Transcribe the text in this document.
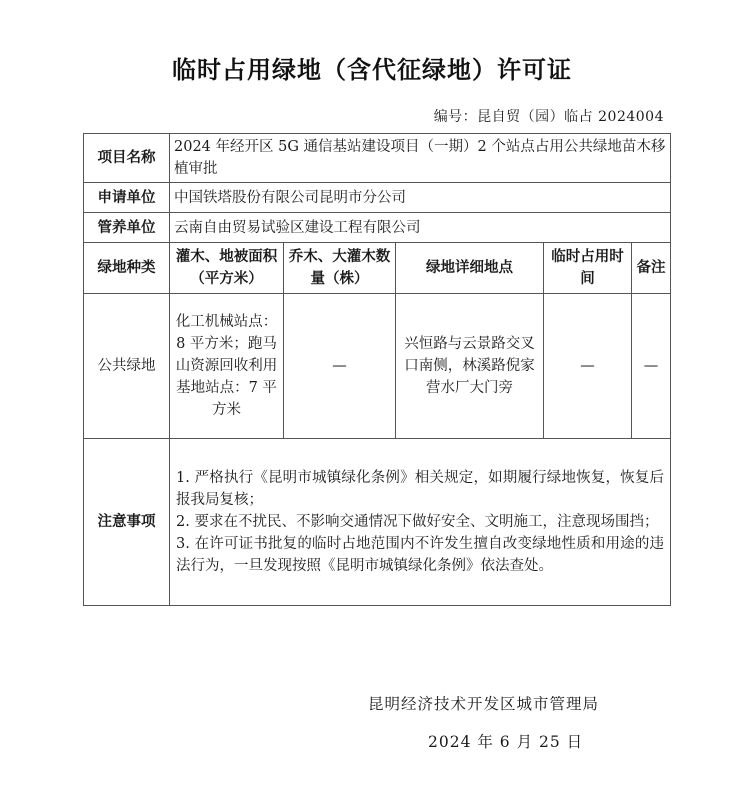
临时占用绿地（含代征绿地）许可证
编号：昆自贸（园）临占 2024004
项目名称	2024 年经开区 5G 通信基站建设项目（一期）2 个站点占用公共绿地苗木移植审批				
申请单位	中国铁塔股份有限公司昆明市分公司				
管养单位	云南自由贸易试验区建设工程有限公司				
绿地种类	灌木、地被面积（平方米）	乔木、大灌木数量（株）	绿地详细地点	临时占用时间	备注
公共绿地	化工机械站点：8 平方米；跑马山资源回收利用基地站点：7 平方米	—	兴恒路与云景路交叉口南侧，林溪路倪家营水厂大门旁	—	—
注意事项	1. 严格执行《昆明市城镇绿化条例》相关规定，如期履行绿地恢复，恢复后报我局复核；
2. 要求在不扰民、不影响交通情况下做好安全、文明施工，注意现场围挡；
3. 在许可证书批复的临时占地范围内不许发生擅自改变绿地性质和用途的违法行为，一旦发现按照《昆明市城镇绿化条例》依法查处。				
昆明经济技术开发区城市管理局
2024 年 6 月 25 日
